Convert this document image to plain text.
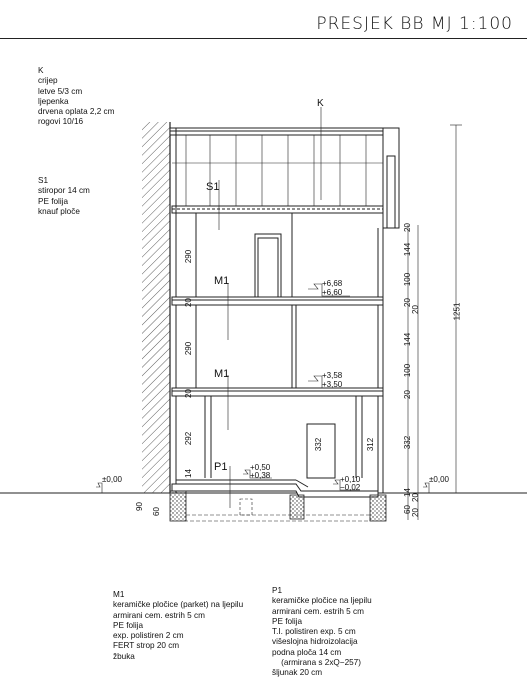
PRESJEK BB MJ 1:100
K
crijep
letve 5/3 cm
ljepenka
drvena oplata 2,2 cm
rogovi 10/16
S1
stiropor 14 cm
PE folija
knauf ploče
M1
keramičke pločice (parket) na ljepilu
armirani cem. estrih 5 cm
PE folija
exp. polistiren 2 cm
FERT strop 20 cm
žbuka
P1
keramičke pločice na ljepilu
armirani cem. estrih 5 cm
PE folija
T.I. polistiren exp. 5 cm
višeslojna hidroizolacija
podna ploča 14 cm
(armirana s 2xQ−257)
šljunak 20 cm
K
S1
M1
M1
P1
+6,68
+6,60
+3,58
+3,50
+0,50
+0,38	+0,10
−0,02
±0,00	±0,00
290
20
290
20
292
14
90
60
332	312
20
144
100
20
20
144
100
20
332
14
20
60 20
1251
